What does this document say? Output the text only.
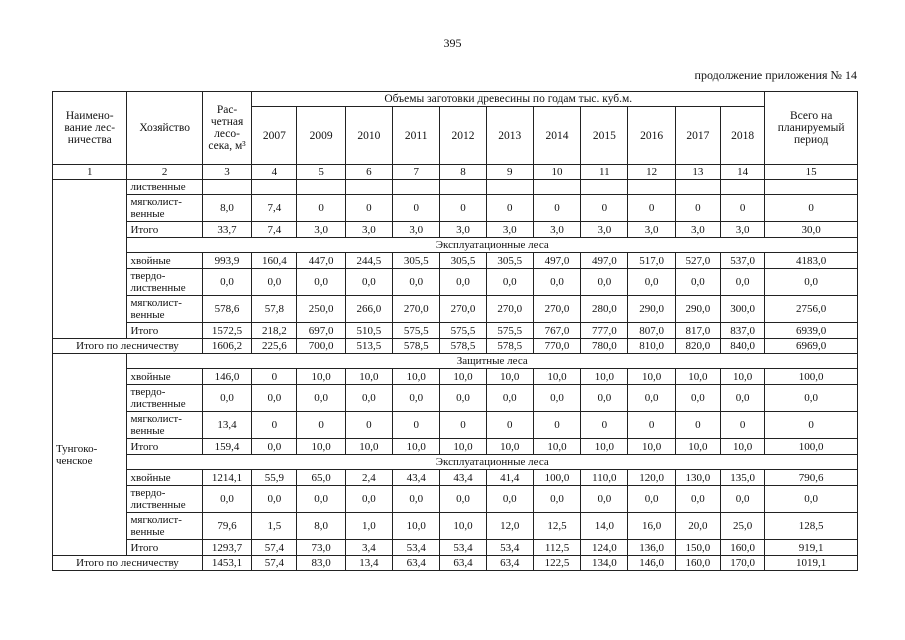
395
продолжение приложения № 14
Наимено-вание лес-ничества	Хозяйство	Рас-четная лесо-сека, м³	Объемы заготовки древесины по годам тыс. куб.м.											Всего на планируемый период
			2007	2009	2010	2011	2012	2013	2014	2015	2016	2017	2018	
1	2	3	4	5	6	7	8	9	10	11	12	13	14	15
	лиственные													
	мягколист-венные	8,0	7,4	0	0	0	0	0	0	0	0	0	0	0
	Итого	33,7	7,4	3,0	3,0	3,0	3,0	3,0	3,0	3,0	3,0	3,0	3,0	30,0
	Эксплуатационные леса													
	хвойные	993,9	160,4	447,0	244,5	305,5	305,5	305,5	497,0	497,0	517,0	527,0	537,0	4183,0
	твердо-лиственные	0,0	0,0	0,0	0,0	0,0	0,0	0,0	0,0	0,0	0,0	0,0	0,0	0,0
	мягколист-венные	578,6	57,8	250,0	266,0	270,0	270,0	270,0	270,0	280,0	290,0	290,0	300,0	2756,0
	Итого	1572,5	218,2	697,0	510,5	575,5	575,5	575,5	767,0	777,0	807,0	817,0	837,0	6939,0
Итого по лесничеству		1606,2	225,6	700,0	513,5	578,5	578,5	578,5	770,0	780,0	810,0	820,0	840,0	6969,0
Тунгоко-ченское	Защитные леса													
	хвойные	146,0	0	10,0	10,0	10,0	10,0	10,0	10,0	10,0	10,0	10,0	10,0	100,0
	твердо-лиственные	0,0	0,0	0,0	0,0	0,0	0,0	0,0	0,0	0,0	0,0	0,0	0,0	0,0
	мягколист-венные	13,4	0	0	0	0	0	0	0	0	0	0	0	0
	Итого	159,4	0,0	10,0	10,0	10,0	10,0	10,0	10,0	10,0	10,0	10,0	10,0	100,0
	Эксплуатационные леса													
	хвойные	1214,1	55,9	65,0	2,4	43,4	43,4	41,4	100,0	110,0	120,0	130,0	135,0	790,6
	твердо-лиственные	0,0	0,0	0,0	0,0	0,0	0,0	0,0	0,0	0,0	0,0	0,0	0,0	0,0
	мягколист-венные	79,6	1,5	8,0	1,0	10,0	10,0	12,0	12,5	14,0	16,0	20,0	25,0	128,5
	Итого	1293,7	57,4	73,0	3,4	53,4	53,4	53,4	112,5	124,0	136,0	150,0	160,0	919,1
Итого по лесничеству		1453,1	57,4	83,0	13,4	63,4	63,4	63,4	122,5	134,0	146,0	160,0	170,0	1019,1
